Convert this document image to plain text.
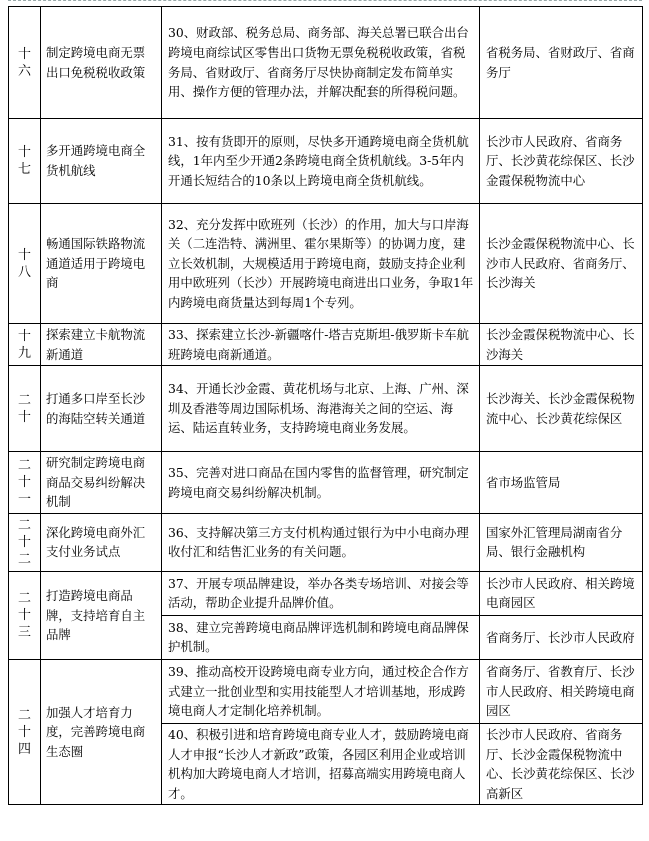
十六	制定跨境电商无票出口免税税收政策	30、财政部、税务总局、商务部、海关总署已联合出台跨境电商综试区零售出口货物无票免税税收政策，省税务局、省财政厅、省商务厅尽快协商制定发布简单实用、操作方便的管理办法，并解决配套的所得税问题。	省税务局、省财政厅、省商务厅
十七	多开通跨境电商全货机航线	31、按有货即开的原则，尽快多开通跨境电商全货机航线，1年内至少开通2条跨境电商全货机航线。3-5年内开通长短结合的10条以上跨境电商全货机航线。	长沙市人民政府、省商务厅、长沙黄花综保区、长沙金霞保税物流中心
十八	畅通国际铁路物流通道适用于跨境电商	32、充分发挥中欧班列（长沙）的作用，加大与口岸海关（二连浩特、满洲里、霍尔果斯等）的协调力度，建立长效机制，大规模适用于跨境电商，鼓励支持企业利用中欧班列（长沙）开展跨境电商进出口业务，争取1年内跨境电商货量达到每周1个专列。	长沙金霞保税物流中心、长沙市人民政府、省商务厅、长沙海关
十九	探索建立卡航物流新通道	33、探索建立长沙-新疆喀什-塔吉克斯坦-俄罗斯卡车航班跨境电商新通道。	长沙金霞保税物流中心、长沙海关
二十	打通多口岸至长沙的海陆空转关通道	34、开通长沙金霞、黄花机场与北京、上海、广州、深圳及香港等周边国际机场、海港海关之间的空运、海运、陆运直转业务，支持跨境电商业务发展。	长沙海关、长沙金霞保税物流中心、长沙黄花综保区
二十一	研究制定跨境电商商品交易纠纷解决机制	35、完善对进口商品在国内零售的监督管理，研究制定跨境电商交易纠纷解决机制。	省市场监管局
二十二	深化跨境电商外汇支付业务试点	36、支持解决第三方支付机构通过银行为中小电商办理收付汇和结售汇业务的有关问题。	国家外汇管理局湖南省分局、银行金融机构
二十三	打造跨境电商品牌，支持培育自主品牌	37、开展专项品牌建设，举办各类专场培训、对接会等活动，帮助企业提升品牌价值。	长沙市人民政府、相关跨境电商园区
		38、建立完善跨境电商品牌评选机制和跨境电商品牌保护机制。	省商务厅、长沙市人民政府
二十四	加强人才培育力度，完善跨境电商生态圈	39、推动高校开设跨境电商专业方向，通过校企合作方式建立一批创业型和实用技能型人才培训基地，形成跨境电商人才定制化培养机制。	省商务厅、省教育厅、长沙市人民政府、相关跨境电商园区
		40、积极引进和培育跨境电商专业人才，鼓励跨境电商人才申报“长沙人才新政”政策，各园区利用企业或培训机构加大跨境电商人才培训，招募高端实用跨境电商人才。	长沙市人民政府、省商务厅、长沙金霞保税物流中心、长沙黄花综保区、长沙高新区
